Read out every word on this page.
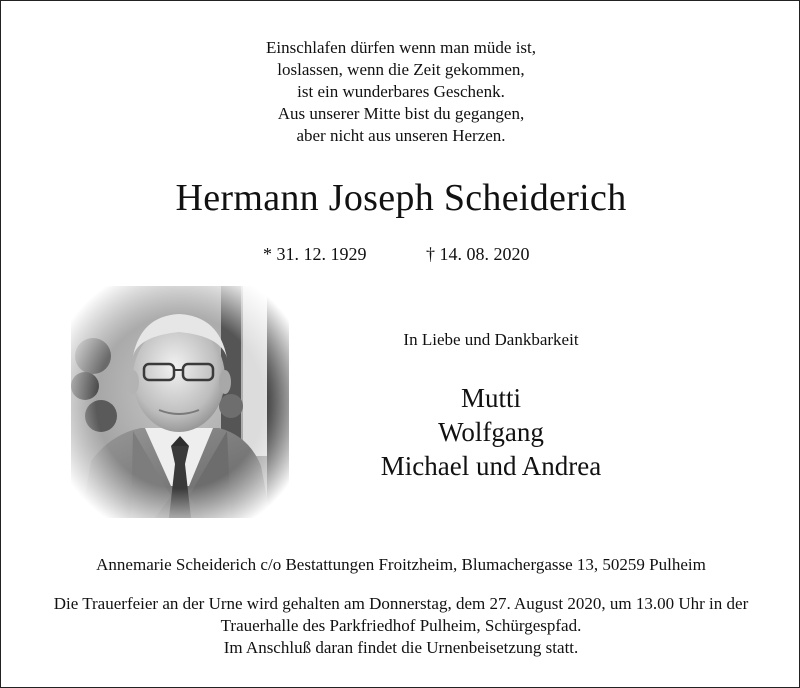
Einschlafen dürfen wenn man müde ist,
loslassen, wenn die Zeit gekommen,
ist ein wunderbares Geschenk.
Aus unserer Mitte bist du gegangen,
aber nicht aus unseren Herzen.
Hermann Joseph Scheiderich
* 31. 12. 1929	† 14. 08. 2020
In Liebe und Dankbarkeit
Mutti
Wolfgang
Michael und Andrea
Annemarie Scheiderich c/o Bestattungen Froitzheim, Blumachergasse 13, 50259 Pulheim
Die Trauerfeier an der Urne wird gehalten am Donnerstag, dem 27. August 2020, um 13.00 Uhr in der
Trauerhalle des Parkfriedhof Pulheim, Schürgespfad.
Im Anschluß daran findet die Urnenbeisetzung statt.
